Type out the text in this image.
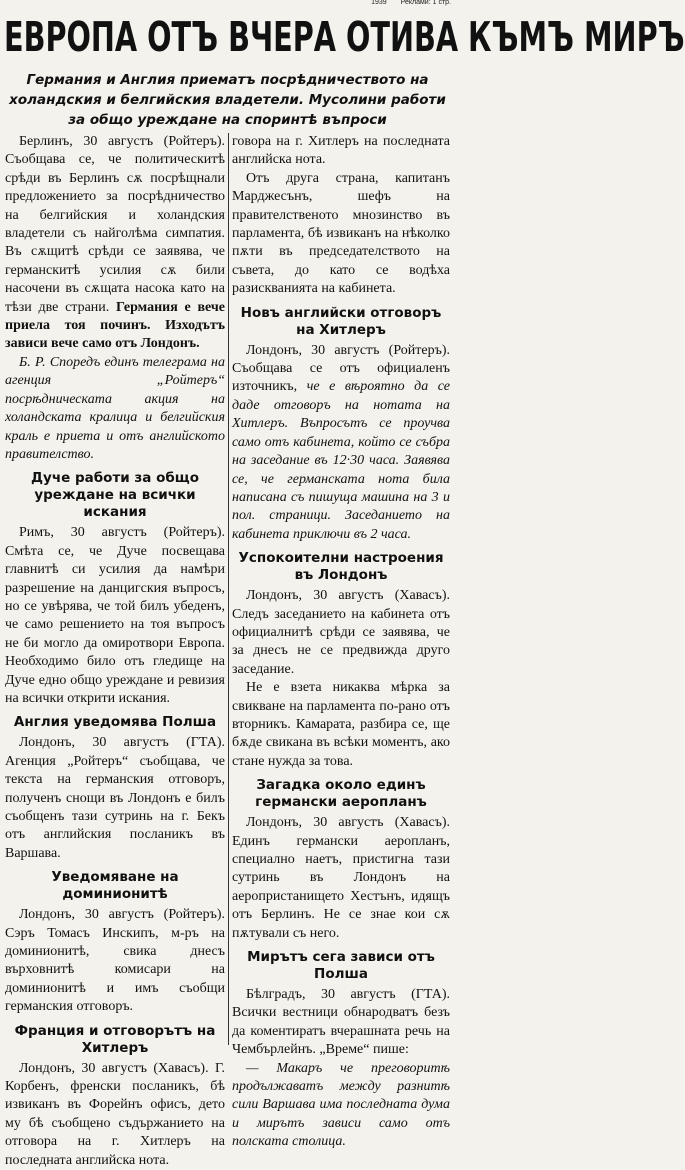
1939 Реклами: 1 стр.
ЕВРОПА ОТЪ ВЧЕРА ОТИВА КЪМЪ МИРЪ
Германия и Англия приематъ посрѣдничеството на холандския и белгийския владетели. Мусолини работи за общо уреждане на споринтѣ въпроси

Берлинъ, 30 августъ (Ройтеръ). Съобщава се, че политическитѣ срѣди въ Берлинъ сѫ посрѣщнали предложението за посрѣдничество на белгийския и холандския владетели съ найголѣма симпатия. Въ сѫщитѣ срѣди се заявява, че германскитѣ усилия сѫ били насочени въ сѫщата насока като на тѣзи две страни. Германия е вече приела тоя починъ. Изходътъ зависи вече само отъ Лондонъ.

Б. Р. Споредъ единъ телеграма на агенция „Ройтеръ“ посрѣдническата акция на холандската кралица и белгийския краль е приета и отъ английското правителство.

Дуче работи за общо уреждане на всички искания

Римъ, 30 августъ (Ройтеръ). Смѣта се, че Дуче посвещава главнитѣ си усилия да намѣри разрешение на данцигския въпросъ, но се увѣрява, че той билъ убеденъ, че само решението на тоя въпросъ не би могло да омиротвори Европа. Необходимо било отъ гледище на Дуче едно общо уреждане и ревизия на всички открити искания.

Англия уведомява Полша

Лондонъ, 30 августъ (ГТА). Агенция „Ройтеръ“ съобщава, че текста на германския отговоръ, полученъ снощи въ Лондонъ е билъ съобщенъ тази сутринь на г. Бекъ отъ английския посланикъ въ Варшава.

Уведомяване на доминионитѣ

Лондонъ, 30 августъ (Ройтеръ). Сэръ Томасъ Инскипъ, м-ръ на доминионитѣ, свика днесъ върховнитѣ комисари на доминионитѣ и имъ съобщи германския отговоръ.

Франция и отговорътъ на Хитлеръ

Лондонъ, 30 августъ (Хавасъ). Г. Корбенъ, френски посланикъ, бѣ извиканъ въ Форейнъ офисъ, дето му бѣ съобщено съдържанието на отговора на г. Хитлеръ на последната английска нота.

говора на г. Хитлеръ на последната английска нота.

Отъ друга страна, капитанъ Марджесънъ, шефъ на правителственото мнозинство въ парламента, бѣ извиканъ на нѣколко пѫти въ председателството на съвета, до като се водѣха разискванията на кабинета.

Новъ английски отговоръ на Хитлеръ

Лондонъ, 30 августъ (Ройтеръ). Съобщава се отъ официаленъ източникъ, че е вѣроятно да се даде отговоръ на нотата на Хитлеръ. Въпросътъ се проучва само отъ кабинета, който се събра на заседание въ 12·30 часа. Заявява се, че германската нота била написана съ пишуща машина на 3 и пол. страници. Заседанието на кабинета приключи въ 2 часа.

Успокоителни настроения въ Лондонъ

Лондонъ, 30 августъ (Хавасъ). Следъ заседанието на кабинета отъ официалнитѣ срѣди се заявява, че за днесъ не се предвижда друго заседание.

Не е взета никаква мѣрка за свикване на парламента по-рано отъ вторникъ. Камарата, разбира се, ще бѫде свикана въ всѣки моментъ, ако стане нужда за това.

Загадка около единъ германски аеропланъ

Лондонъ, 30 августъ (Хавасъ). Единъ германски аеропланъ, специално наетъ, пристигна тази сутринь въ Лондонъ на аеропристанището Хестънъ, идящъ отъ Берлинъ. Не се знае кои сѫ пѫтували съ него.

Мирътъ сега зависи отъ Полша

Бѣлградъ, 30 августъ (ГТА). Всички вестници обнародватъ безъ да коментиратъ вчерашната речь на Чембърлейнъ. „Време“ пише:

— Макаръ че преговоритѣ продължаватъ между разнитѣ сили Варшава има последната дума и мирътъ зависи само отъ полската столица.
